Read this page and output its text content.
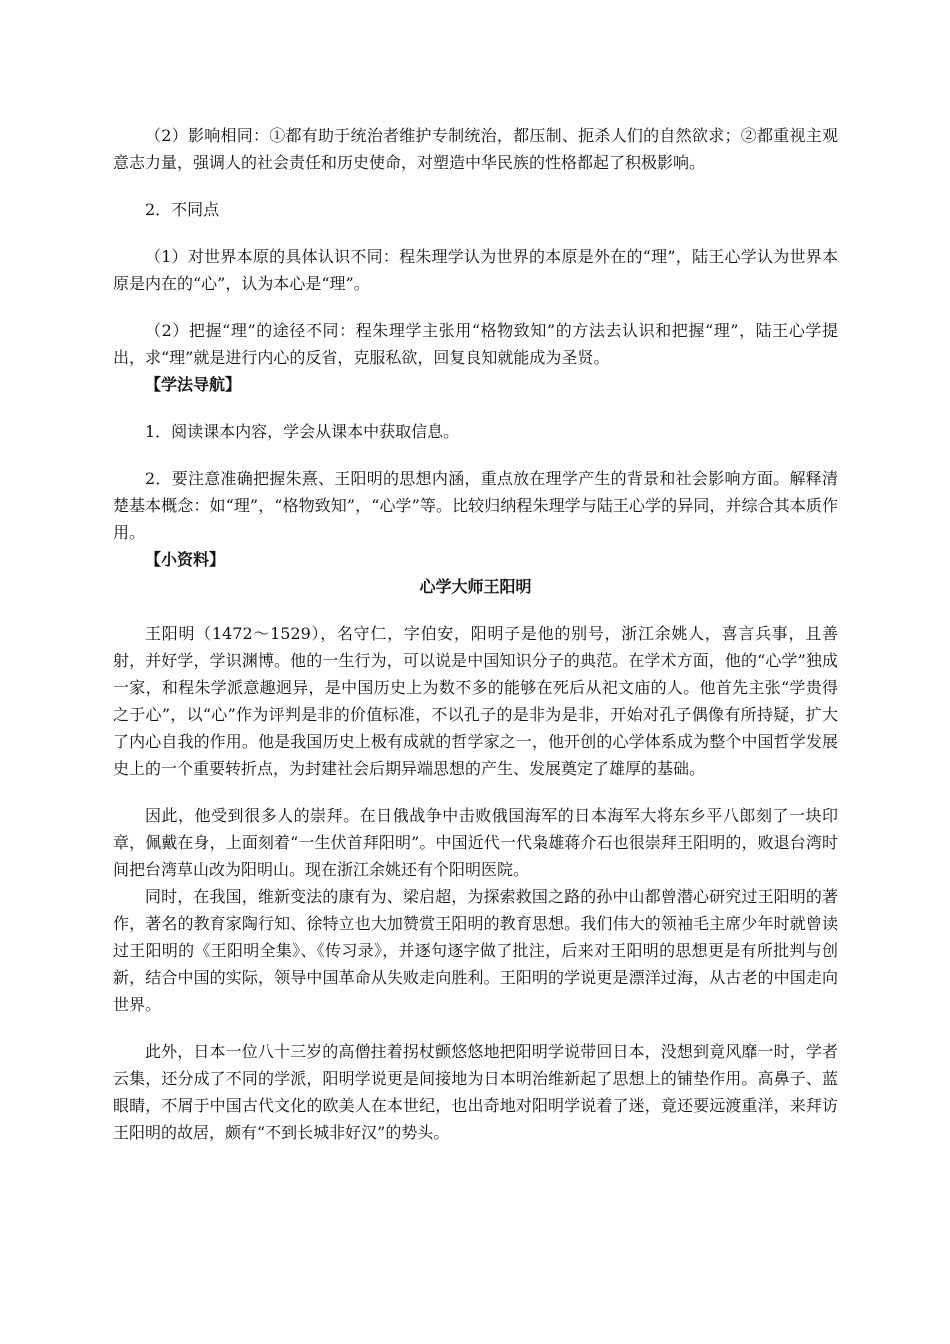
（2）影响相同：①都有助于统治者维护专制统治，都压制、扼杀人们的自然欲求；②都重视主观意志力量，强调人的社会责任和历史使命，对塑造中华民族的性格都起了积极影响。

2．不同点

（1）对世界本原的具体认识不同：程朱理学认为世界的本原是外在的“理”，陆王心学认为世界本原是内在的“心”，认为本心是“理”。

（2）把握“理”的途径不同：程朱理学主张用“格物致知”的方法去认识和把握“理”，陆王心学提出，求“理”就是进行内心的反省，克服私欲，回复良知就能成为圣贤。

【学法导航】

1．阅读课本内容，学会从课本中获取信息。

2．要注意准确把握朱熹、王阳明的思想内涵，重点放在理学产生的背景和社会影响方面。解释清楚基本概念：如“理”，“格物致知”，“心学”等。比较归纳程朱理学与陆王心学的异同，并综合其本质作用。

【小资料】

心学大师王阳明

王阳明（1472～1529），名守仁，字伯安，阳明子是他的别号，浙江余姚人，喜言兵事，且善射，并好学，学识渊博。他的一生行为，可以说是中国知识分子的典范。在学术方面，他的“心学”独成一家，和程朱学派意趣迥异，是中国历史上为数不多的能够在死后从祀文庙的人。他首先主张“学贵得之于心”，以“心”作为评判是非的价值标准，不以孔子的是非为是非，开始对孔子偶像有所持疑，扩大了内心自我的作用。他是我国历史上极有成就的哲学家之一，他开创的心学体系成为整个中国哲学发展史上的一个重要转折点，为封建社会后期异端思想的产生、发展奠定了雄厚的基础。

因此，他受到很多人的崇拜。在日俄战争中击败俄国海军的日本海军大将东乡平八郎刻了一块印章，佩戴在身，上面刻着“一生伏首拜阳明”。中国近代一代枭雄蒋介石也很崇拜王阳明的，败退台湾时间把台湾草山改为阳明山。现在浙江余姚还有个阳明医院。

同时，在我国，维新变法的康有为、梁启超，为探索救国之路的孙中山都曾潜心研究过王阳明的著作，著名的教育家陶行知、徐特立也大加赞赏王阳明的教育思想。我们伟大的领袖毛主席少年时就曾读过王阳明的《王阳明全集》、《传习录》，并逐句逐字做了批注，后来对王阳明的思想更是有所批判与创新，结合中国的实际，领导中国革命从失败走向胜利。王阳明的学说更是漂洋过海，从古老的中国走向世界。

此外，日本一位八十三岁的高僧拄着拐杖颤悠悠地把阳明学说带回日本，没想到竟风靡一时，学者云集，还分成了不同的学派，阳明学说更是间接地为日本明治维新起了思想上的铺垫作用。高鼻子、蓝眼睛，不屑于中国古代文化的欧美人在本世纪，也出奇地对阳明学说着了迷，竟还要远渡重洋，来拜访王阳明的故居，颇有“不到长城非好汉”的势头。
